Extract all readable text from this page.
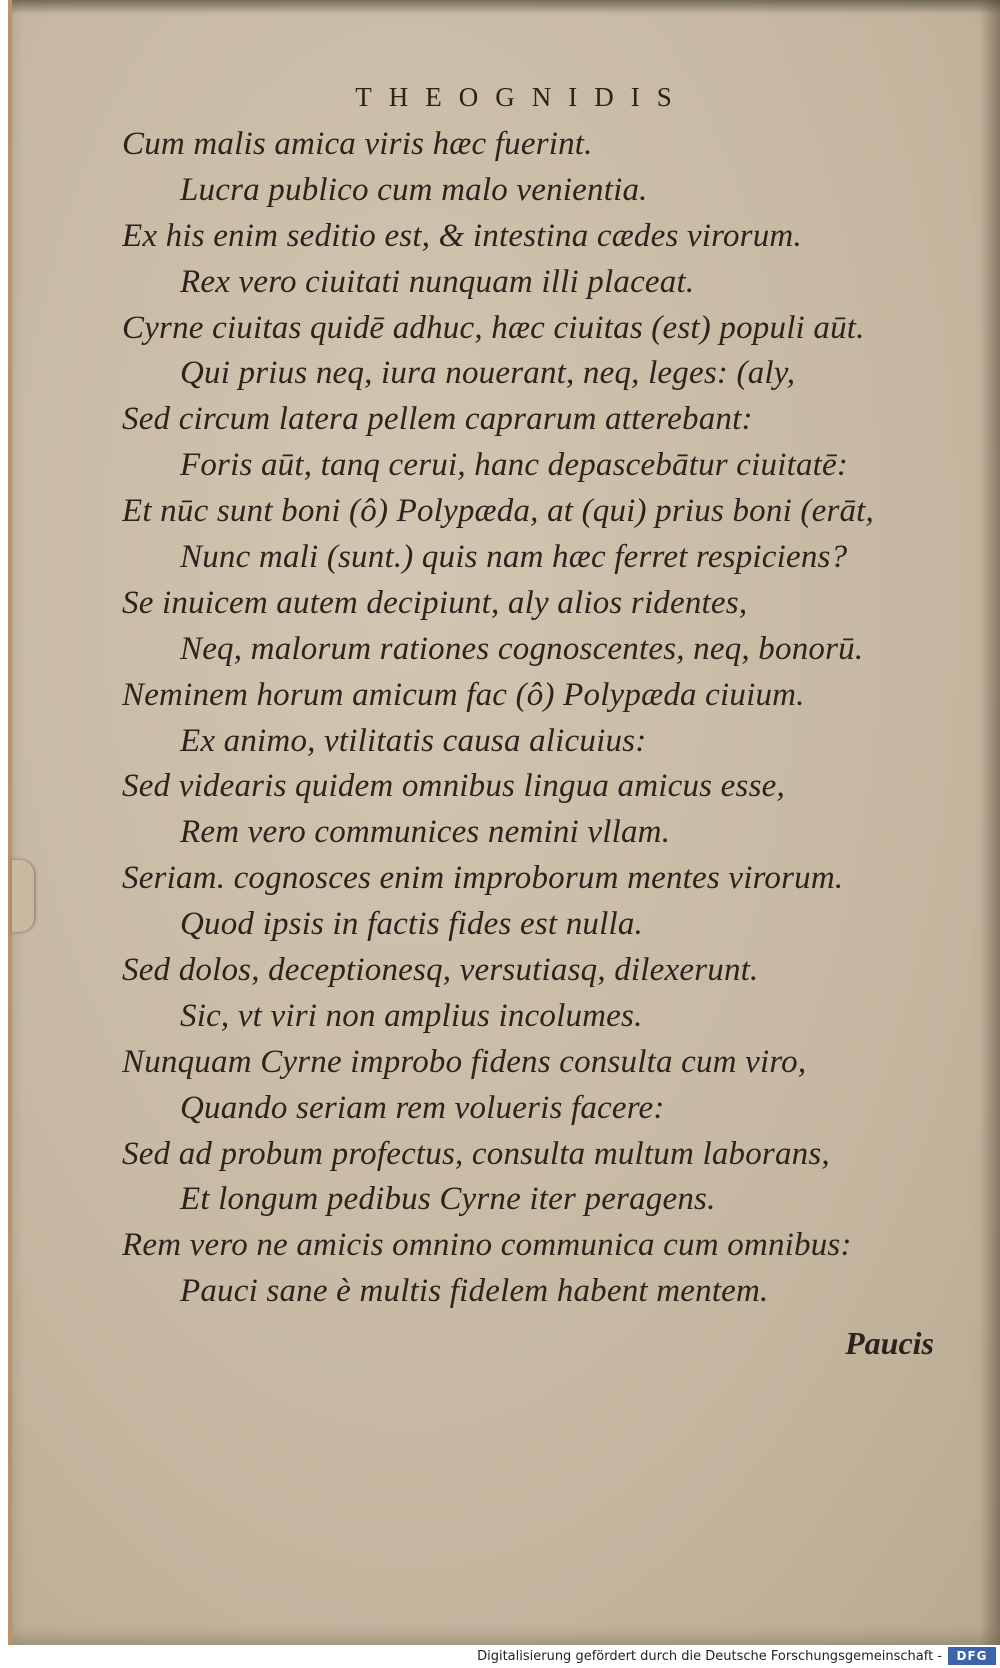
THEOGNIDIS
Cum malis amica viris hæc fuerint.
Lucra publico cum malo venientia.
Ex his enim seditio est, & intestina cædes virorum.
Rex vero ciuitati nunquam illi placeat.
Cyrne ciuitas quidē adhuc, hæc ciuitas (est) populi aūt.
Qui prius neq, iura nouerant, neq, leges: (aly,
Sed circum latera pellem caprarum atterebant:
Foris aūt, tanq cerui, hanc depascebātur ciuitatē:
Et nūc sunt boni (ô) Polypæda, at (qui) prius boni (erāt,
Nunc mali (sunt.) quis nam hæc ferret respiciens?
Se inuicem autem decipiunt, aly alios ridentes,
Neq, malorum rationes cognoscentes, neq, bonorū.
Neminem horum amicum fac (ô) Polypæda ciuium.
Ex animo, vtilitatis causa alicuius:
Sed videaris quidem omnibus lingua amicus esse,
Rem vero communices nemini vllam.
Seriam. cognosces enim improborum mentes virorum.
Quod ipsis in factis fides est nulla.
Sed dolos, deceptionesq, versutiasq, dilexerunt.
Sic, vt viri non amplius incolumes.
Nunquam Cyrne improbo fidens consulta cum viro,
Quando seriam rem volueris facere:
Sed ad probum profectus, consulta multum laborans,
Et longum pedibus Cyrne iter peragens.
Rem vero ne amicis omnino communica cum omnibus:
Pauci sane è multis fidelem habent mentem.
Paucis
Digitalisierung gefördert durch die Deutsche Forschungsgemeinschaft -	DFG
